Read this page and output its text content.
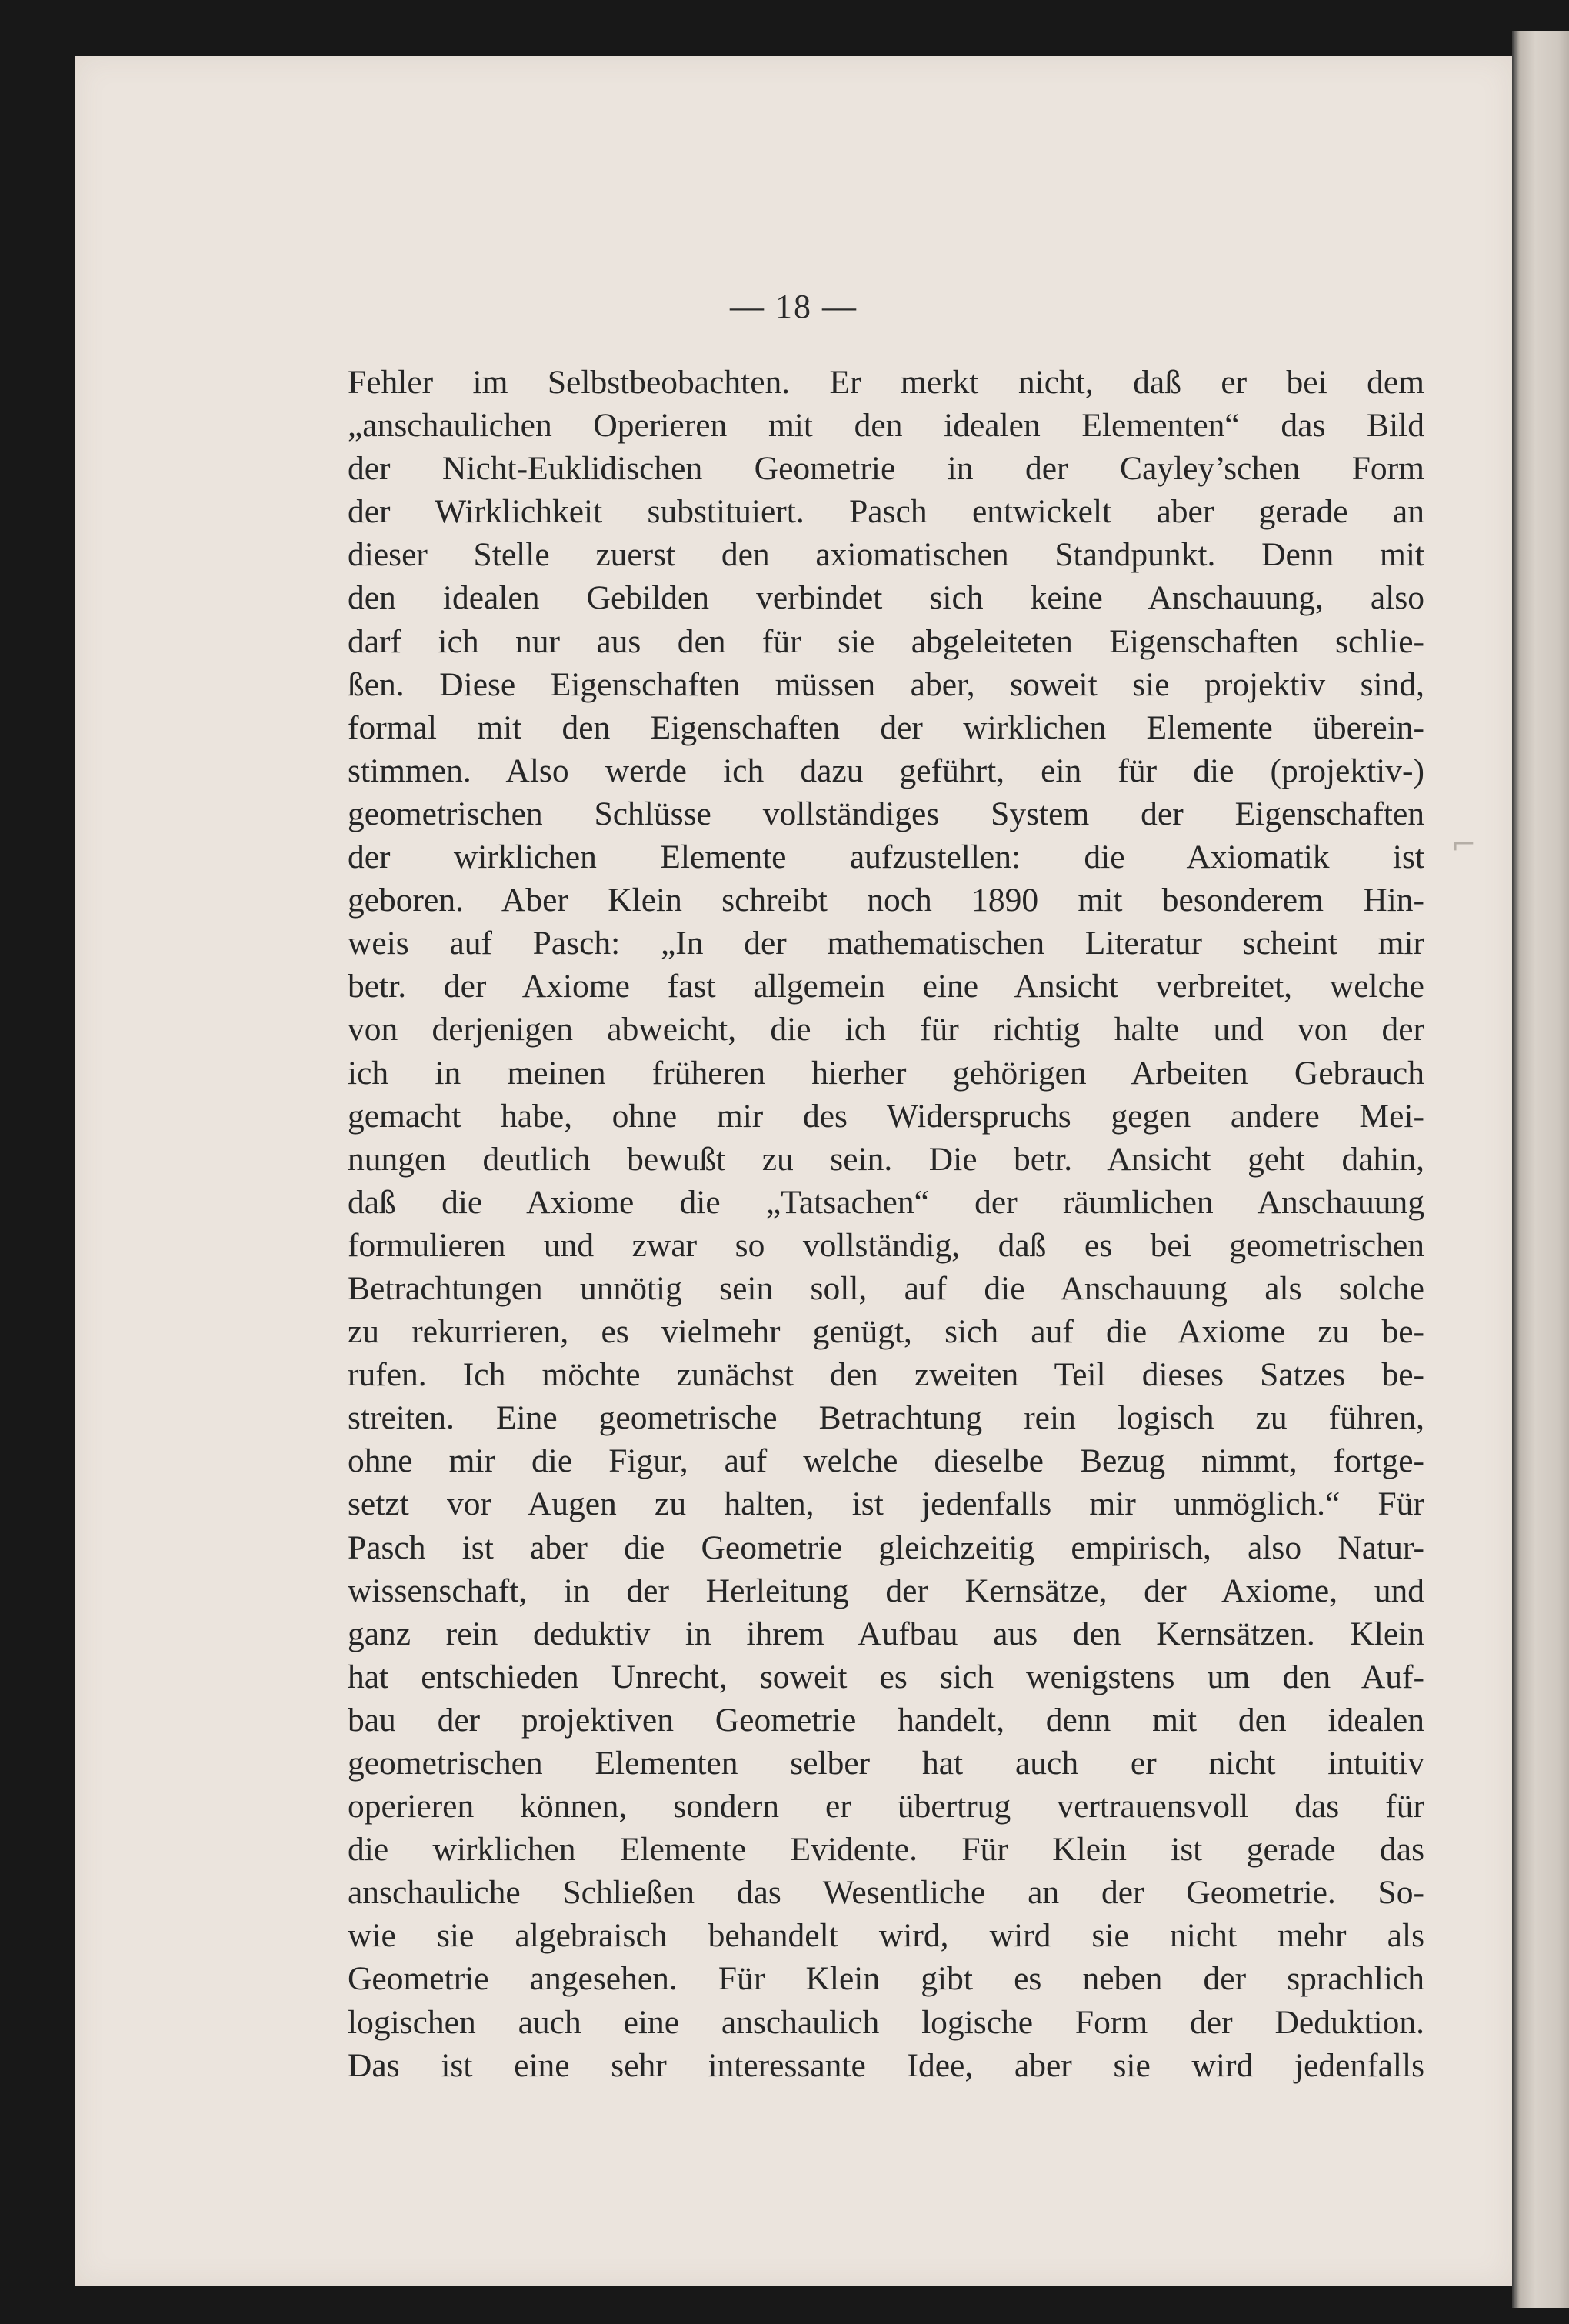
— 18 —
Fehler im Selbstbeobachten. Er merkt nicht, daß er bei dem
„anschaulichen Operieren mit den idealen Elementen“ das Bild
der Nicht-Euklidischen Geometrie in der Cayley’schen Form
der Wirklichkeit substituiert. Pasch entwickelt aber gerade an
dieser Stelle zuerst den axiomatischen Standpunkt. Denn mit
den idealen Gebilden verbindet sich keine Anschauung, also
darf ich nur aus den für sie abgeleiteten Eigenschaften schlie-
ßen. Diese Eigenschaften müssen aber, soweit sie projektiv sind,
formal mit den Eigenschaften der wirklichen Elemente überein-
stimmen. Also werde ich dazu geführt, ein für die (projektiv-)
geometrischen Schlüsse vollständiges System der Eigenschaften
der wirklichen Elemente aufzustellen: die Axiomatik ist
geboren. Aber Klein schreibt noch 1890 mit besonderem Hin-
weis auf Pasch: „In der mathematischen Literatur scheint mir
betr. der Axiome fast allgemein eine Ansicht verbreitet, welche
von derjenigen abweicht, die ich für richtig halte und von der
ich in meinen früheren hierher gehörigen Arbeiten Gebrauch
gemacht habe, ohne mir des Widerspruchs gegen andere Mei-
nungen deutlich bewußt zu sein. Die betr. Ansicht geht dahin,
daß die Axiome die „Tatsachen“ der räumlichen Anschauung
formulieren und zwar so vollständig, daß es bei geometrischen
Betrachtungen unnötig sein soll, auf die Anschauung als solche
zu rekurrieren, es vielmehr genügt, sich auf die Axiome zu be-
rufen. Ich möchte zunächst den zweiten Teil dieses Satzes be-
streiten. Eine geometrische Betrachtung rein logisch zu führen,
ohne mir die Figur, auf welche dieselbe Bezug nimmt, fortge-
setzt vor Augen zu halten, ist jedenfalls mir unmöglich.“ Für
Pasch ist aber die Geometrie gleichzeitig empirisch, also Natur-
wissenschaft, in der Herleitung der Kernsätze, der Axiome, und
ganz rein deduktiv in ihrem Aufbau aus den Kernsätzen. Klein
hat entschieden Unrecht, soweit es sich wenigstens um den Auf-
bau der projektiven Geometrie handelt, denn mit den idealen
geometrischen Elementen selber hat auch er nicht intuitiv
operieren können, sondern er übertrug vertrauensvoll das für
die wirklichen Elemente Evidente. Für Klein ist gerade das
anschauliche Schließen das Wesentliche an der Geometrie. So-
wie sie algebraisch behandelt wird, wird sie nicht mehr als
Geometrie angesehen. Für Klein gibt es neben der sprachlich
logischen auch eine anschaulich logische Form der Deduktion.
Das ist eine sehr interessante Idee, aber sie wird jedenfalls
⌐
